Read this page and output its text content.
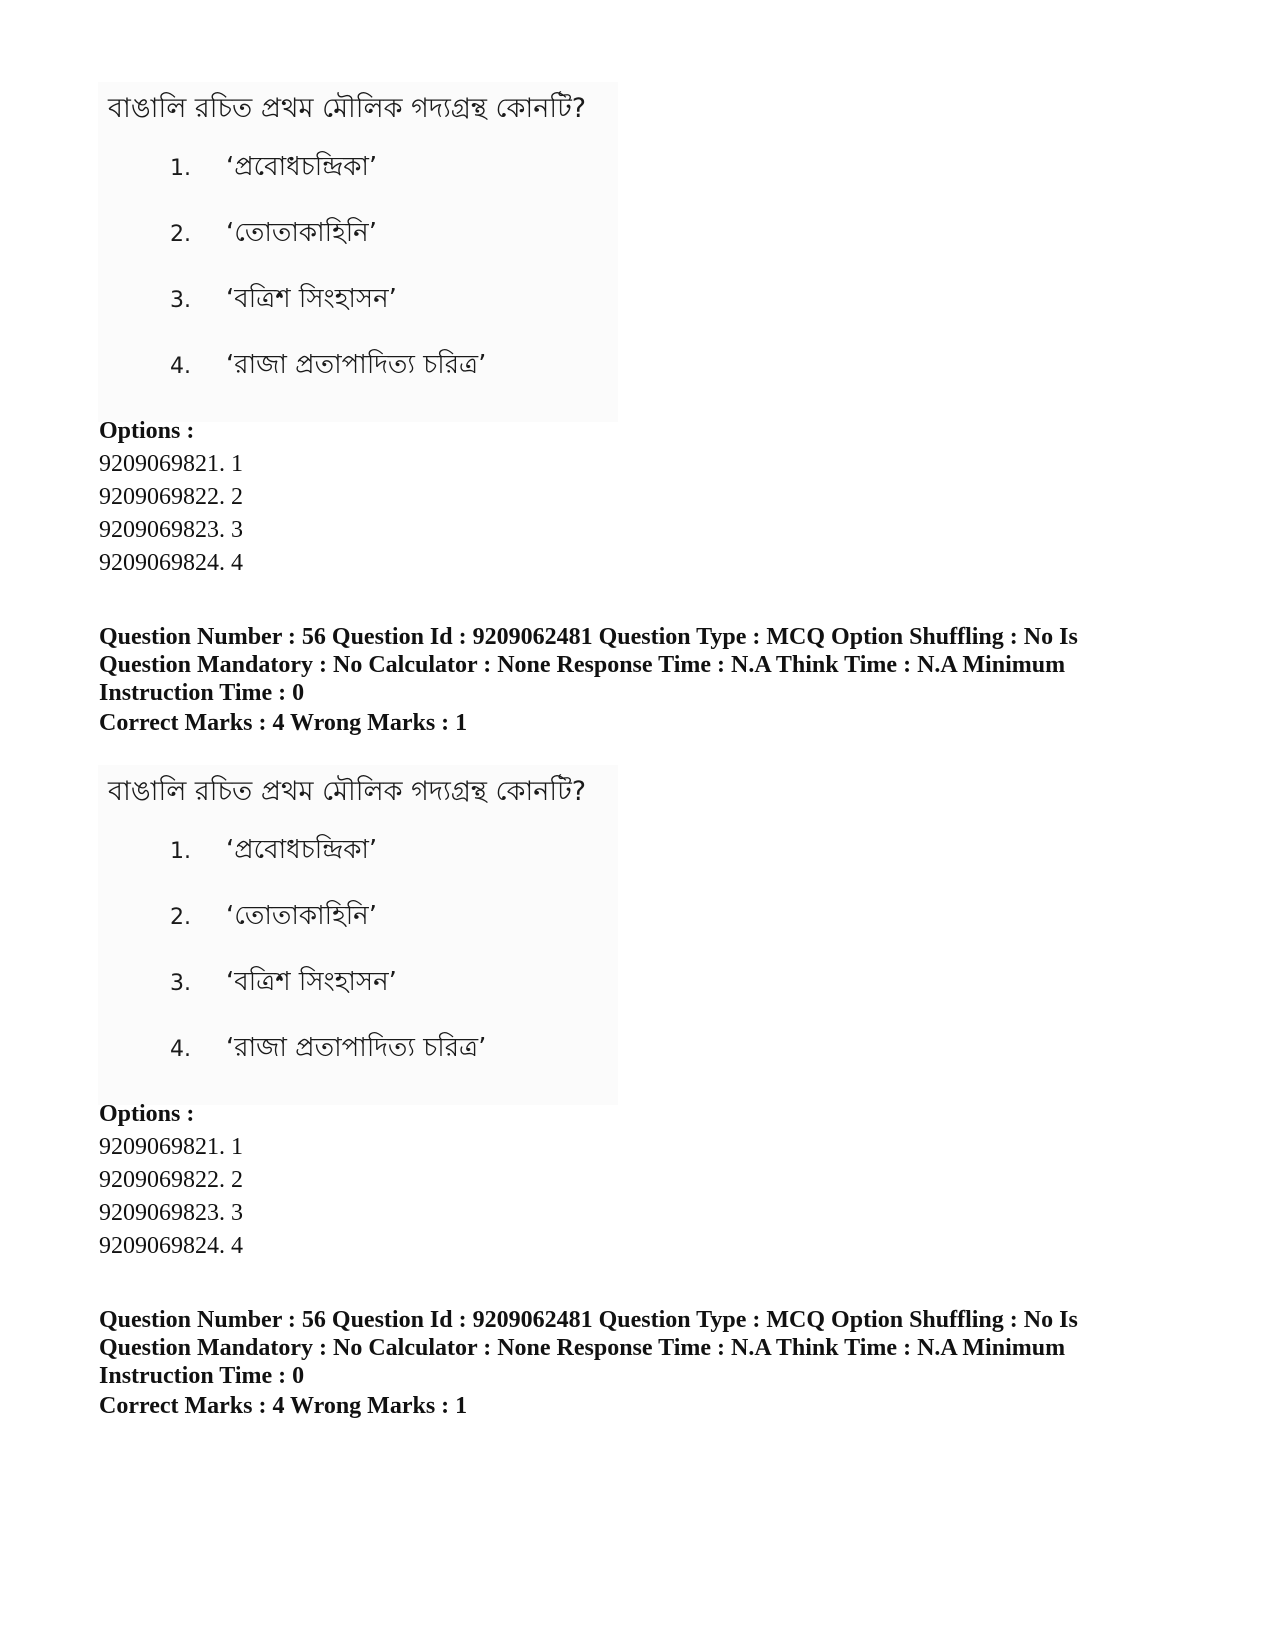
বাঙালি রচিত প্রথম মৌলিক গদ্যগ্রন্থ কোনটি?
1. ‘প্রবোধচন্দ্রিকা’
2. ‘তোতাকাহিনি’
3. ‘বত্রিশ সিংহাসন’
4. ‘রাজা প্রতাপাদিত্য চরিত্র’
Options :
9209069821. 1
9209069822. 2
9209069823. 3
9209069824. 4
Question Number : 56 Question Id : 9209062481 Question Type : MCQ Option Shuffling : No Is
Question Mandatory : No Calculator : None Response Time : N.A Think Time : N.A Minimum
Instruction Time : 0
Correct Marks : 4 Wrong Marks : 1
বাঙালি রচিত প্রথম মৌলিক গদ্যগ্রন্থ কোনটি?
1. ‘প্রবোধচন্দ্রিকা’
2. ‘তোতাকাহিনি’
3. ‘বত্রিশ সিংহাসন’
4. ‘রাজা প্রতাপাদিত্য চরিত্র’
Options :
9209069821. 1
9209069822. 2
9209069823. 3
9209069824. 4
Question Number : 56 Question Id : 9209062481 Question Type : MCQ Option Shuffling : No Is
Question Mandatory : No Calculator : None Response Time : N.A Think Time : N.A Minimum
Instruction Time : 0
Correct Marks : 4 Wrong Marks : 1
